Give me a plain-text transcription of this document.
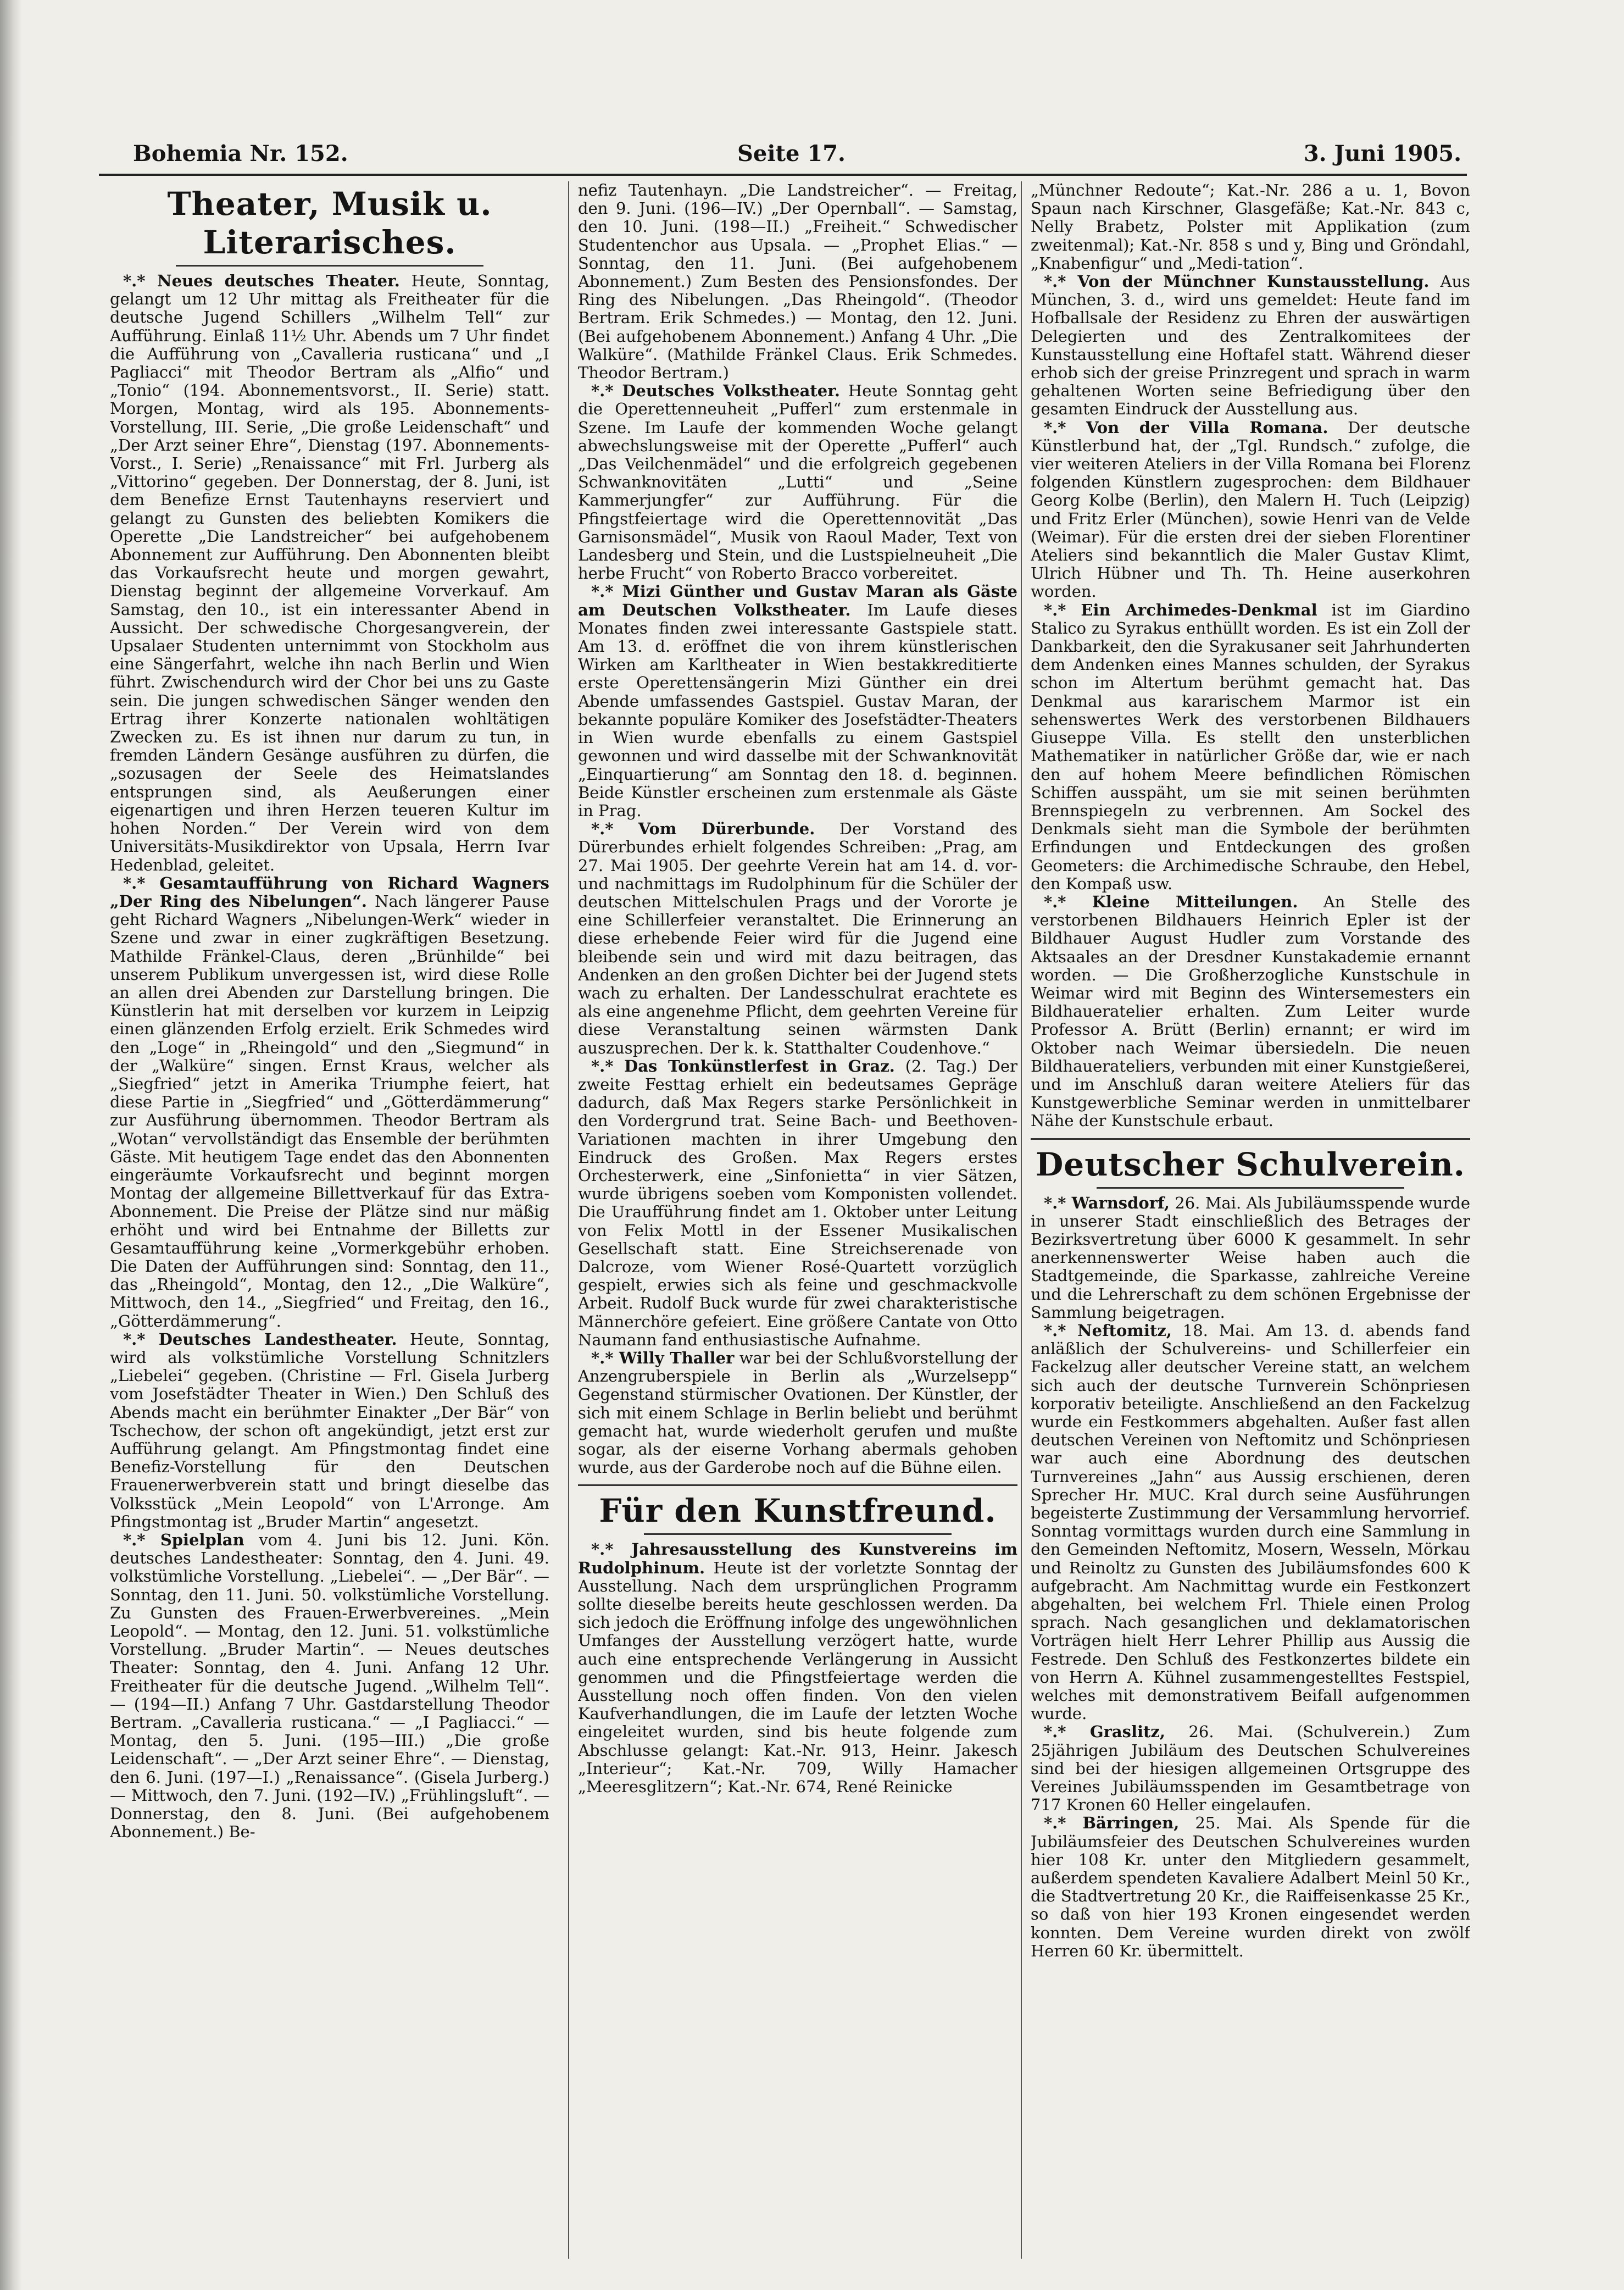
Bohemia Nr. 152.	Seite 17.	3. Juni 1905.
Theater, Musik u. Literarisches.

*.* Neues deutsches Theater. Heute, Sonntag, gelangt um 12 Uhr mittag als Freitheater für die deutsche Jugend Schillers „Wilhelm Tell“ zur Aufführung. Einlaß 11½ Uhr. Abends um 7 Uhr findet die Aufführung von „Cavalleria rusticana“ und „I Pagliacci“ mit Theodor Bertram als „Alfio“ und „Tonio“ (194. Abonnementsvorst., II. Serie) statt. Morgen, Montag, wird als 195. Abonnements-Vorstellung, III. Serie, „Die große Leidenschaft“ und „Der Arzt seiner Ehre“, Dienstag (197. Abonnements-Vorst., I. Serie) „Renaissance“ mit Frl. Jurberg als „Vittorino“ gegeben. Der Donnerstag, der 8. Juni, ist dem Benefize Ernst Tautenhayns reserviert und gelangt zu Gunsten des beliebten Komikers die Operette „Die Landstreicher“ bei aufgehobenem Abonnement zur Aufführung. Den Abonnenten bleibt das Vorkaufsrecht heute und morgen gewahrt, Dienstag beginnt der allgemeine Vorverkauf. Am Samstag, den 10., ist ein interessanter Abend in Aussicht. Der schwedische Chorgesangverein, der Upsalaer Studenten unternimmt von Stockholm aus eine Sängerfahrt, welche ihn nach Berlin und Wien führt. Zwischendurch wird der Chor bei uns zu Gaste sein. Die jungen schwedischen Sänger wenden den Ertrag ihrer Konzerte nationalen wohltätigen Zwecken zu. Es ist ihnen nur darum zu tun, in fremden Ländern Gesänge ausführen zu dürfen, die „sozusagen der Seele des Heimatslandes entsprungen sind, als Aeußerungen einer eigenartigen und ihren Herzen teueren Kultur im hohen Norden.“ Der Verein wird von dem Universitäts-Musikdirektor von Upsala, Herrn Ivar Hedenblad, geleitet.

*.* Gesamtaufführung von Richard Wagners „Der Ring des Nibelungen“. Nach längerer Pause geht Richard Wagners „Nibelungen-Werk“ wieder in Szene und zwar in einer zugkräftigen Besetzung. Mathilde Fränkel-Claus, deren „Brünhilde“ bei unserem Publikum unvergessen ist, wird diese Rolle an allen drei Abenden zur Darstellung bringen. Die Künstlerin hat mit derselben vor kurzem in Leipzig einen glänzenden Erfolg erzielt. Erik Schmedes wird den „Loge“ in „Rheingold“ und den „Siegmund“ in der „Walküre“ singen. Ernst Kraus, welcher als „Siegfried“ jetzt in Amerika Triumphe feiert, hat diese Partie in „Siegfried“ und „Götterdämmerung“ zur Ausführung übernommen. Theodor Bertram als „Wotan“ vervollständigt das Ensemble der berühmten Gäste. Mit heutigem Tage endet das den Abonnenten eingeräumte Vorkaufsrecht und beginnt morgen Montag der allgemeine Billettverkauf für das Extra-Abonnement. Die Preise der Plätze sind nur mäßig erhöht und wird bei Entnahme der Billetts zur Gesamtaufführung keine „Vormerkgebühr erhoben. Die Daten der Aufführungen sind: Sonntag, den 11., das „Rheingold“, Montag, den 12., „Die Walküre“, Mittwoch, den 14., „Siegfried“ und Freitag, den 16., „Götterdämmerung“.

*.* Deutsches Landestheater. Heute, Sonntag, wird als volkstümliche Vorstellung Schnitzlers „Liebelei“ gegeben. (Christine — Frl. Gisela Jurberg vom Josefstädter Theater in Wien.) Den Schluß des Abends macht ein berühmter Einakter „Der Bär“ von Tschechow, der schon oft angekündigt, jetzt erst zur Aufführung gelangt. Am Pfingstmontag findet eine Benefiz-Vorstellung für den Deutschen Frauenerwerbverein statt und bringt dieselbe das Volksstück „Mein Leopold“ von L'Arronge. Am Pfingstmontag ist „Bruder Martin“ angesetzt.

*.* Spielplan vom 4. Juni bis 12. Juni. Kön. deutsches Landestheater: Sonntag, den 4. Juni. 49. volkstümliche Vorstellung. „Liebelei“. — „Der Bär“. — Sonntag, den 11. Juni. 50. volkstümliche Vorstellung. Zu Gunsten des Frauen-Erwerbvereines. „Mein Leopold“. — Montag, den 12. Juni. 51. volkstümliche Vorstellung. „Bruder Martin“. — Neues deutsches Theater: Sonntag, den 4. Juni. Anfang 12 Uhr. Freitheater für die deutsche Jugend. „Wilhelm Tell“. — (194—II.) Anfang 7 Uhr. Gastdarstellung Theodor Bertram. „Cavalleria rusticana.“ — „I Pagliacci.“ — Montag, den 5. Juni. (195—III.) „Die große Leidenschaft“. — „Der Arzt seiner Ehre“. — Dienstag, den 6. Juni. (197—I.) „Renaissance“. (Gisela Jurberg.) — Mittwoch, den 7. Juni. (192—IV.) „Frühlingsluft“. — Donnerstag, den 8. Juni. (Bei aufgehobenem Abonnement.) Be-

nefiz Tautenhayn. „Die Landstreicher“. — Freitag, den 9. Juni. (196—IV.) „Der Opernball“. — Samstag, den 10. Juni. (198—II.) „Freiheit.“ Schwedischer Studentenchor aus Upsala. — „Prophet Elias.“ — Sonntag, den 11. Juni. (Bei aufgehobenem Abonnement.) Zum Besten des Pensionsfondes. Der Ring des Nibelungen. „Das Rheingold“. (Theodor Bertram. Erik Schmedes.) — Montag, den 12. Juni. (Bei aufgehobenem Abonnement.) Anfang 4 Uhr. „Die Walküre“. (Mathilde Fränkel Claus. Erik Schmedes. Theodor Bertram.)

*.* Deutsches Volkstheater. Heute Sonntag geht die Operettenneuheit „Pufferl“ zum erstenmale in Szene. Im Laufe der kommenden Woche gelangt abwechslungsweise mit der Operette „Pufferl“ auch „Das Veilchenmädel“ und die erfolgreich gegebenen Schwanknovitäten „Lutti“ und „Seine Kammerjungfer“ zur Aufführung. Für die Pfingstfeiertage wird die Operettennovität „Das Garnisonsmädel“, Musik von Raoul Mader, Text von Landesberg und Stein, und die Lustspielneuheit „Die herbe Frucht“ von Roberto Bracco vorbereitet.

*.* Mizi Günther und Gustav Maran als Gäste am Deutschen Volkstheater. Im Laufe dieses Monates finden zwei interessante Gastspiele statt. Am 13. d. eröffnet die von ihrem künstlerischen Wirken am Karltheater in Wien bestakkreditierte erste Operettensängerin Mizi Günther ein drei Abende umfassendes Gastspiel. Gustav Maran, der bekannte populäre Komiker des Josefstädter-Theaters in Wien wurde ebenfalls zu einem Gastspiel gewonnen und wird dasselbe mit der Schwanknovität „Einquartierung“ am Sonntag den 18. d. beginnen. Beide Künstler erscheinen zum erstenmale als Gäste in Prag.

*.* Vom Dürerbunde. Der Vorstand des Dürerbundes erhielt folgendes Schreiben: „Prag, am 27. Mai 1905. Der geehrte Verein hat am 14. d. vor- und nachmittags im Rudolphinum für die Schüler der deutschen Mittelschulen Prags und der Vororte je eine Schillerfeier veranstaltet. Die Erinnerung an diese erhebende Feier wird für die Jugend eine bleibende sein und wird mit dazu beitragen, das Andenken an den großen Dichter bei der Jugend stets wach zu erhalten. Der Landesschulrat erachtete es als eine angenehme Pflicht, dem geehrten Vereine für diese Veranstaltung seinen wärmsten Dank auszusprechen. Der k. k. Statthalter Coudenhove.“

*.* Das Tonkünstlerfest in Graz. (2. Tag.) Der zweite Festtag erhielt ein bedeutsames Gepräge dadurch, daß Max Regers starke Persönlichkeit in den Vordergrund trat. Seine Bach- und Beethoven-Variationen machten in ihrer Umgebung den Eindruck des Großen. Max Regers erstes Orchesterwerk, eine „Sinfonietta“ in vier Sätzen, wurde übrigens soeben vom Komponisten vollendet. Die Uraufführung findet am 1. Oktober unter Leitung von Felix Mottl in der Essener Musikalischen Gesellschaft statt. Eine Streichserenade von Dalcroze, vom Wiener Rosé-Quartett vorzüglich gespielt, erwies sich als feine und geschmackvolle Arbeit. Rudolf Buck wurde für zwei charakteristische Männerchöre gefeiert. Eine größere Cantate von Otto Naumann fand enthusiastische Aufnahme.

*.* Willy Thaller war bei der Schlußvorstellung der Anzengruberspiele in Berlin als „Wurzelsepp“ Gegenstand stürmischer Ovationen. Der Künstler, der sich mit einem Schlage in Berlin beliebt und berühmt gemacht hat, wurde wiederholt gerufen und mußte sogar, als der eiserne Vorhang abermals gehoben wurde, aus der Garderobe noch auf die Bühne eilen.

Für den Kunstfreund.

*.* Jahresausstellung des Kunstvereins im Rudolphinum. Heute ist der vorletzte Sonntag der Ausstellung. Nach dem ursprünglichen Programm sollte dieselbe bereits heute geschlossen werden. Da sich jedoch die Eröffnung infolge des ungewöhnlichen Umfanges der Ausstellung verzögert hatte, wurde auch eine entsprechende Verlängerung in Aussicht genommen und die Pfingstfeiertage werden die Ausstellung noch offen finden. Von den vielen Kaufverhandlungen, die im Laufe der letzten Woche eingeleitet wurden, sind bis heute folgende zum Abschlusse gelangt: Kat.-Nr. 913, Heinr. Jakesch „Interieur“; Kat.-Nr. 709, Willy Hamacher „Meeresglitzern“; Kat.-Nr. 674, René Reinicke

„Münchner Redoute“; Kat.-Nr. 286 a u. 1, Bovon Spaun nach Kirschner, Glasgefäße; Kat.-Nr. 843 c, Nelly Brabetz, Polster mit Applikation (zum zweitenmal); Kat.-Nr. 858 s und y, Bing und Gröndahl, „Knabenfigur“ und „Medi-tation“.

*.* Von der Münchner Kunstausstellung. Aus München, 3. d., wird uns gemeldet: Heute fand im Hofballsale der Residenz zu Ehren der auswärtigen Delegierten und des Zentralkomitees der Kunstausstellung eine Hoftafel statt. Während dieser erhob sich der greise Prinzregent und sprach in warm gehaltenen Worten seine Befriedigung über den gesamten Eindruck der Ausstellung aus.

*.* Von der Villa Romana. Der deutsche Künstlerbund hat, der „Tgl. Rundsch.“ zufolge, die vier weiteren Ateliers in der Villa Romana bei Florenz folgenden Künstlern zugesprochen: dem Bildhauer Georg Kolbe (Berlin), den Malern H. Tuch (Leipzig) und Fritz Erler (München), sowie Henri van de Velde (Weimar). Für die ersten drei der sieben Florentiner Ateliers sind bekanntlich die Maler Gustav Klimt, Ulrich Hübner und Th. Th. Heine auserkohren worden.

*.* Ein Archimedes-Denkmal ist im Giardino Stalico zu Syrakus enthüllt worden. Es ist ein Zoll der Dankbarkeit, den die Syrakusaner seit Jahrhunderten dem Andenken eines Mannes schulden, der Syrakus schon im Altertum berühmt gemacht hat. Das Denkmal aus kararischem Marmor ist ein sehenswertes Werk des verstorbenen Bildhauers Giuseppe Villa. Es stellt den unsterblichen Mathematiker in natürlicher Größe dar, wie er nach den auf hohem Meere befindlichen Römischen Schiffen ausspäht, um sie mit seinen berühmten Brennspiegeln zu verbrennen. Am Sockel des Denkmals sieht man die Symbole der berühmten Erfindungen und Entdeckungen des großen Geometers: die Archimedische Schraube, den Hebel, den Kompaß usw.

*.* Kleine Mitteilungen. An Stelle des verstorbenen Bildhauers Heinrich Epler ist der Bildhauer August Hudler zum Vorstande des Aktsaales an der Dresdner Kunstakademie ernannt worden. — Die Großherzogliche Kunstschule in Weimar wird mit Beginn des Wintersemesters ein Bildhaueratelier erhalten. Zum Leiter wurde Professor A. Brütt (Berlin) ernannt; er wird im Oktober nach Weimar übersiedeln. Die neuen Bildhauerateliers, verbunden mit einer Kunstgießerei, und im Anschluß daran weitere Ateliers für das Kunstgewerbliche Seminar werden in unmittelbarer Nähe der Kunstschule erbaut.

Deutscher Schulverein.

*.* Warnsdorf, 26. Mai. Als Jubiläumsspende wurde in unserer Stadt einschließlich des Betrages der Bezirksvertretung über 6000 K gesammelt. In sehr anerkennenswerter Weise haben auch die Stadtgemeinde, die Sparkasse, zahlreiche Vereine und die Lehrerschaft zu dem schönen Ergebnisse der Sammlung beigetragen.

*.* Neftomitz, 18. Mai. Am 13. d. abends fand anläßlich der Schulvereins- und Schillerfeier ein Fackelzug aller deutscher Vereine statt, an welchem sich auch der deutsche Turnverein Schönpriesen korporativ beteiligte. Anschließend an den Fackelzug wurde ein Festkommers abgehalten. Außer fast allen deutschen Vereinen von Neftomitz und Schönpriesen war auch eine Abordnung des deutschen Turnvereines „Jahn“ aus Aussig erschienen, deren Sprecher Hr. MUC. Kral durch seine Ausführungen begeisterte Zustimmung der Versammlung hervorrief. Sonntag vormittags wurden durch eine Sammlung in den Gemeinden Neftomitz, Mosern, Wesseln, Mörkau und Reinoltz zu Gunsten des Jubiläumsfondes 600 K aufgebracht. Am Nachmittag wurde ein Festkonzert abgehalten, bei welchem Frl. Thiele einen Prolog sprach. Nach gesanglichen und deklamatorischen Vorträgen hielt Herr Lehrer Phillip aus Aussig die Festrede. Den Schluß des Festkonzertes bildete ein von Herrn A. Kühnel zusammengestelltes Festspiel, welches mit demonstrativem Beifall aufgenommen wurde.

*.* Graslitz, 26. Mai. (Schulverein.) Zum 25jährigen Jubiläum des Deutschen Schulvereines sind bei der hiesigen allgemeinen Ortsgruppe des Vereines Jubiläumsspenden im Gesamtbetrage von 717 Kronen 60 Heller eingelaufen.

*.* Bärringen, 25. Mai. Als Spende für die Jubiläumsfeier des Deutschen Schulvereines wurden hier 108 Kr. unter den Mitgliedern gesammelt, außerdem spendeten Kavaliere Adalbert Meinl 50 Kr., die Stadtvertretung 20 Kr., die Raiffeisenkasse 25 Kr., so daß von hier 193 Kronen eingesendet werden konnten. Dem Vereine wurden direkt von zwölf Herren 60 Kr. übermittelt.
